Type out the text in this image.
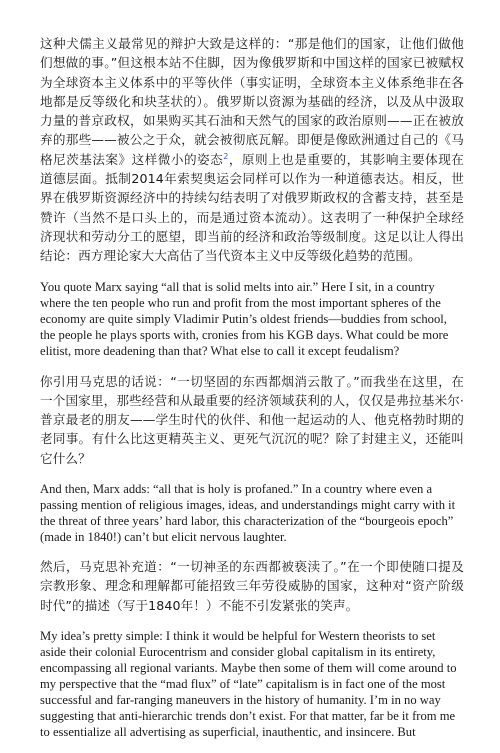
这种犬儒主义最常见的辩护大致是这样的：“那是他们的国家，让他们做他们想做的事。”但这根本站不住脚，因为像俄罗斯和中国这样的国家已被赋权为全球资本主义体系中的平等伙伴（事实证明，全球资本主义体系绝非在各地都是反等级化和块茎状的）。俄罗斯以资源为基础的经济，以及从中汲取力量的普京政权，如果购买其石油和天然气的国家的政治原则——正在被放弃的那些——被公之于众，就会被彻底瓦解。即便是像欧洲通过自己的《马格尼茨基法案》这样微小的姿态$^2$，原则上也是重要的，其影响主要体现在道德层面。抵制2014年索契奥运会同样可以作为一种道德表达。相反，世界在俄罗斯资源经济中的持续勾结表明了对俄罗斯政权的含蓄支持，甚至是赞许（当然不是口头上的，而是通过资本流动）。这表明了一种保护全球经济现状和劳动分工的愿望，即当前的经济和政治等级制度。这足以让人得出结论：西方理论家大大高估了当代资本主义中反等级化趋势的范围。

You quote Marx saying “all that is solid melts into air.” Here I sit, in a country where the ten people who run and profit from the most important spheres of the economy are quite simply Vladimir Putin’s oldest friends—buddies from school, the people he plays sports with, cronies from his KGB days. What could be more elitist, more deadening than that? What else to call it except feudalism?

你引用马克思的话说：“一切坚固的东西都烟消云散了。”而我坐在这里，在一个国家里，那些经营和从最重要的经济领域获利的人，仅仅是弗拉基米尔·普京最老的朋友——学生时代的伙伴、和他一起运动的人、他克格勃时期的老同事。有什么比这更精英主义、更死气沉沉的呢？除了封建主义，还能叫它什么？

And then, Marx adds: “all that is holy is profaned.” In a country where even a passing mention of religious images, ideas, and understandings might carry with it the threat of three years’ hard labor, this characterization of the “bourgeois epoch” (made in 1840!) can’t but elicit nervous laughter.

然后，马克思补充道：“一切神圣的东西都被亵渎了。”在一个即使随口提及宗教形象、理念和理解都可能招致三年劳役威胁的国家，这种对“资产阶级时代”的描述（写于1840年！）不能不引发紧张的笑声。

My idea’s pretty simple: I think it would be helpful for Western theorists to set aside their colonial Eurocentrism and consider global capitalism in its entirety, encompassing all regional variants. Maybe then some of them will come around to my perspective that the “mad flux” of “late” capitalism is in fact one of the most successful and far-ranging maneuvers in the history of humanity. I’m in no way suggesting that anti-hierarchic trends don’t exist. For that matter, far be it from me to essentialize all advertising as superficial, inauthentic, and insincere. But
